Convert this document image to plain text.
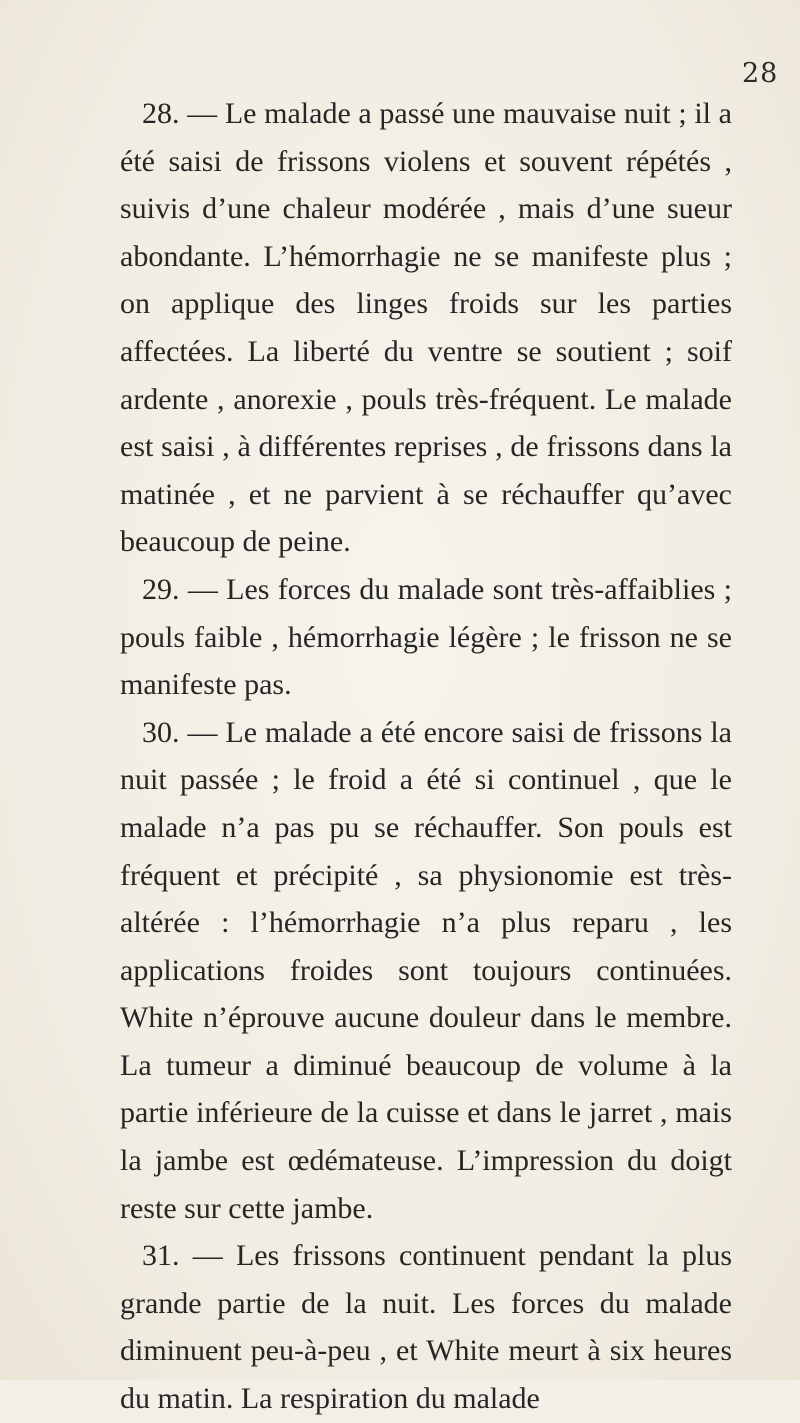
28

28. — Le malade a passé une mauvaise nuit ; il a été saisi de frissons violens et souvent répétés , suivis d’une chaleur modérée , mais d’une sueur abondante. L’hémorrhagie ne se manifeste plus ; on applique des linges froids sur les parties affectées. La liberté du ventre se soutient ; soif ardente , anorexie , pouls très-fréquent. Le malade est saisi , à différentes reprises , de frissons dans la matinée , et ne parvient à se réchauffer qu’avec beaucoup de peine.

29. — Les forces du malade sont très-affaiblies ; pouls faible , hémorrhagie légère ; le frisson ne se manifeste pas.

30. — Le malade a été encore saisi de frissons la nuit passée ; le froid a été si continuel , que le malade n’a pas pu se réchauffer. Son pouls est fréquent et précipité , sa physionomie est très-altérée : l’hémorrhagie n’a plus reparu , les applications froides sont toujours continuées. White n’éprouve aucune douleur dans le membre. La tumeur a diminué beaucoup de volume à la partie inférieure de la cuisse et dans le jarret , mais la jambe est œdémateuse. L’impression du doigt reste sur cette jambe.

31. — Les frissons continuent pendant la plus grande partie de la nuit. Les forces du malade diminuent peu-à-peu , et White meurt à six heures du matin. La respiration du malade
